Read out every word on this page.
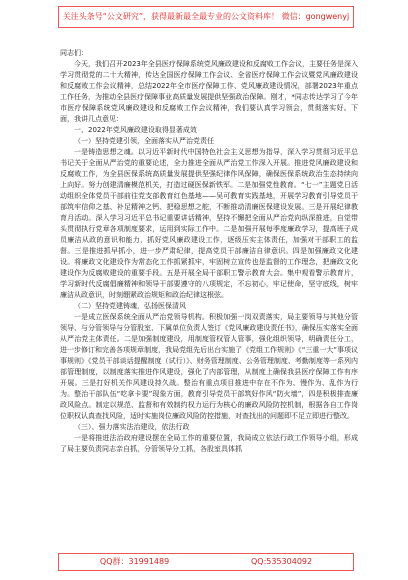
关注头条号“公文研究”，获得最新最全最专业的公文资料库！ 微信：gongwenyj

同志们：

今天，我们召开2023年全县医疗保障系统党风廉政建设和反腐败工作会议，主要任务是深入学习贯彻党的二十大精神，传达全国医疗保障工作会议、全省医疗保障工作会议暨党风廉政建设和反腐败工作会议精神，总结2022年全市医疗保障工作、党风廉政建设情况，部署2023年重点工作任务，为推动全县医疗保障事业高质量发展提供坚强政治保障。刚才，*同志传达学习了今年市医疗保障系统党风廉政建设和反腐败工作会议精神，我们要认真学习领会，贯彻落实好。下面，我讲几点意见：

一、2022年党风廉政建设取得显著成效

（一）坚持党建引领，全面落实从严治党责任

一是铸造思想之魂。以习近平新时代中国特色社会主义思想为指导，深入学习贯彻习近平总书记关于全面从严治党的重要论述，全力推进全面从严治党工作深入开展。推进党风廉政建设和反腐败工作，为全县医保系统高质量发展提供坚强纪律作风保障，确保医保系统政治生态持续向上向好。努力创建清廉模范机关，打造过硬医保新铁军。二是加强党性教育。“七一”主题党日活动组织全体党员干部前往党支部教育红色基地——吴可教育实践基地，开展学习教育引导党员干部筑牢信仰之基、补足精神之钙、把稳思想之舵，不断推动清廉医保建设发展。三是开展纪律教育月活动。深入学习习近平总书记重要讲话精神，坚持不懈把全面从严治党向纵深推进，自觉带头贯彻执行党章各项制度要求，运用到实际工作中。二是加强开展每季度廉政学习，提高班子成员廉洁从政的意识和能力，抓好党风廉政建设工作，逐级压实主体责任，加强对干部职工的监督。三是推进抓早抓小，进一步严肃纪律，提高党员干部廉洁自律意识。四是加强廉政文化建设。将廉政文化建设作为常态化工作抓紧抓牢，牢固树立宣传也是监督的工作理念，把廉政文化建设作为反腐败建设的重要手段。五是开展全局干部职工警示教育大会。集中观看警示教育片，学习新时代反腐倡廉精神和领导干部要遵守的八项规定，不忘初心，牢记使命，坚守底线，树牢廉洁从政意识，时刻绷紧政治规矩和政治纪律这根弦。

（二）坚持党建铸魂，弘扬医保清风

一是成立医保系统全面从严治党领导机构。积极加强一岗双责落实，局主要领导与其他分管领导、与分管领导与分管股室、下属单位负责人签订《党风廉政建设责任书》，确保压实落实全面从严治党主体责任。二是加强制度建设，用制度管权管人管事，强化组织领导，明确责任分工，进一步修订和完善各项规章制度，我局党组先后出台实施了《党组工作规则》《“三重一大”事项议事规则》《党员干部谈话提醒制度（试行）》、财务管理制度、公务管理制度、考勤制度等一系列内部管理制度，以制度落实推进作风建设，强化了内部管理，从制度上确保我县医疗保障工作有序开展。三是打好机关作风建设持久战。整治有重点项目推进中存在不作为、慢作为、乱作为行为。整治干部队伍“吃拿卡要”现象方面，教育引导党员干部筑好作风“防火墙”，四是积极排查廉政风险点。制定以规范、监督和有效制约权力运行为核心的廉政风险防控机制，根据各自工作岗位职权认真查找风险，适时实施岗位廉政风险防控措施，对查找出的问题即不足立即进行整改。

（三）、强力落实法治建设，依法行政

一是将推进法治政府建设摆在全局工作的重要位置，我局成立依法行政工作领导小组，形成了局主要负责同志亲自抓，分管领导分工抓，各股室具体抓

QQ群：31991489	QQ:535304092
